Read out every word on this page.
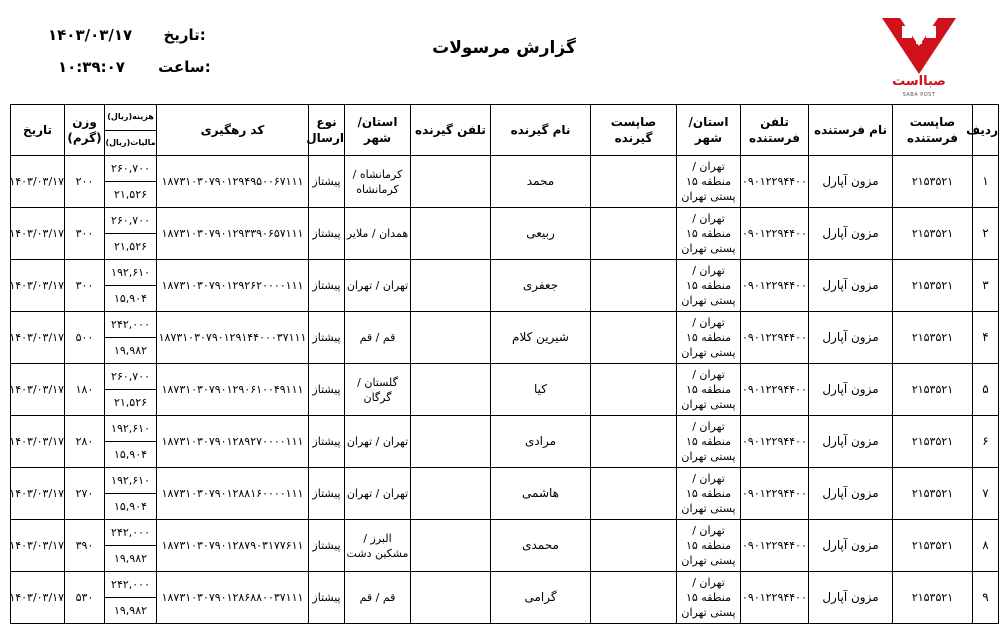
۱۴۰۳/۰۳/۱۷ تاریخ:
۱۰:۳۹:۰۷ ساعت:
گزارش مرسولات
صبااست
SABA POST
ردیف	صاپست فرستنده	نام فرستنده	تلفن فرستنده	استان/ شهر	صاپست گیرنده	نام گیرنده	تلفن گیرنده	استان/ شهر	نوع ارسال	کد رهگیری	هزینه(ریال)
مالیات(ریال)	وزن (گرم)	تاریخ
۱	۲۱۵۳۵۲۱	مزون آپارل	۰۹۰۱۲۲۹۴۴۰۰	تهران / منطقه ۱۵ پستی تهران		محمد		کرمانشاه / کرمانشاه	پیشتاز	۱۸۷۳۱۰۳۰۷۹۰۱۲۹۴۹۵۰۰۶۷۱۱۱	۲۶۰,۷۰۰
۲۱,۵۲۶	۲۰۰	۱۴۰۳/۰۳/۱۷
۲	۲۱۵۳۵۲۱	مزون آپارل	۰۹۰۱۲۲۹۴۴۰۰	تهران / منطقه ۱۵ پستی تهران		ربیعی		همدان / ملایر	پیشتاز	۱۸۷۳۱۰۳۰۷۹۰۱۲۹۳۳۹۰۶۵۷۱۱۱	۲۶۰,۷۰۰
۲۱,۵۲۶	۳۰۰	۱۴۰۳/۰۳/۱۷
۳	۲۱۵۳۵۲۱	مزون آپارل	۰۹۰۱۲۲۹۴۴۰۰	تهران / منطقه ۱۵ پستی تهران		جعفری		تهران / تهران	پیشتاز	۱۸۷۳۱۰۳۰۷۹۰۱۲۹۲۶۲۰۰۰۰۱۱۱	۱۹۲,۶۱۰
۱۵,۹۰۴	۳۰۰	۱۴۰۳/۰۳/۱۷
۴	۲۱۵۳۵۲۱	مزون آپارل	۰۹۰۱۲۲۹۴۴۰۰	تهران / منطقه ۱۵ پستی تهران		شیرین کلام		قم / قم	پیشتاز	۱۸۷۳۱۰۳۰۷۹۰۱۲۹۱۴۴۰۰۰۳۷۱۱۱	۲۴۲,۰۰۰
۱۹,۹۸۲	۵۰۰	۱۴۰۳/۰۳/۱۷
۵	۲۱۵۳۵۲۱	مزون آپارل	۰۹۰۱۲۲۹۴۴۰۰	تهران / منطقه ۱۵ پستی تهران		کیا		گلستان / گرگان	پیشتاز	۱۸۷۳۱۰۳۰۷۹۰۱۲۹۰۶۱۰۰۴۹۱۱۱	۲۶۰,۷۰۰
۲۱,۵۲۶	۱۸۰	۱۴۰۳/۰۳/۱۷
۶	۲۱۵۳۵۲۱	مزون آپارل	۰۹۰۱۲۲۹۴۴۰۰	تهران / منطقه ۱۵ پستی تهران		مرادی		تهران / تهران	پیشتاز	۱۸۷۳۱۰۳۰۷۹۰۱۲۸۹۲۷۰۰۰۰۱۱۱	۱۹۲,۶۱۰
۱۵,۹۰۴	۲۸۰	۱۴۰۳/۰۳/۱۷
۷	۲۱۵۳۵۲۱	مزون آپارل	۰۹۰۱۲۲۹۴۴۰۰	تهران / منطقه ۱۵ پستی تهران		هاشمی		تهران / تهران	پیشتاز	۱۸۷۳۱۰۳۰۷۹۰۱۲۸۸۱۶۰۰۰۰۱۱۱	۱۹۲,۶۱۰
۱۵,۹۰۴	۲۷۰	۱۴۰۳/۰۳/۱۷
۸	۲۱۵۳۵۲۱	مزون آپارل	۰۹۰۱۲۲۹۴۴۰۰	تهران / منطقه ۱۵ پستی تهران		محمدی		البرز / مشکین دشت	پیشتاز	۱۸۷۳۱۰۳۰۷۹۰۱۲۸۷۹۰۳۱۷۷۶۱۱	۲۴۲,۰۰۰
۱۹,۹۸۲	۳۹۰	۱۴۰۳/۰۳/۱۷
۹	۲۱۵۳۵۲۱	مزون آپارل	۰۹۰۱۲۲۹۴۴۰۰	تهران / منطقه ۱۵ پستی تهران		گرامی		قم / قم	پیشتاز	۱۸۷۳۱۰۳۰۷۹۰۱۲۸۶۸۸۰۰۳۷۱۱۱	۲۴۲,۰۰۰
۱۹,۹۸۲	۵۳۰	۱۴۰۳/۰۳/۱۷
